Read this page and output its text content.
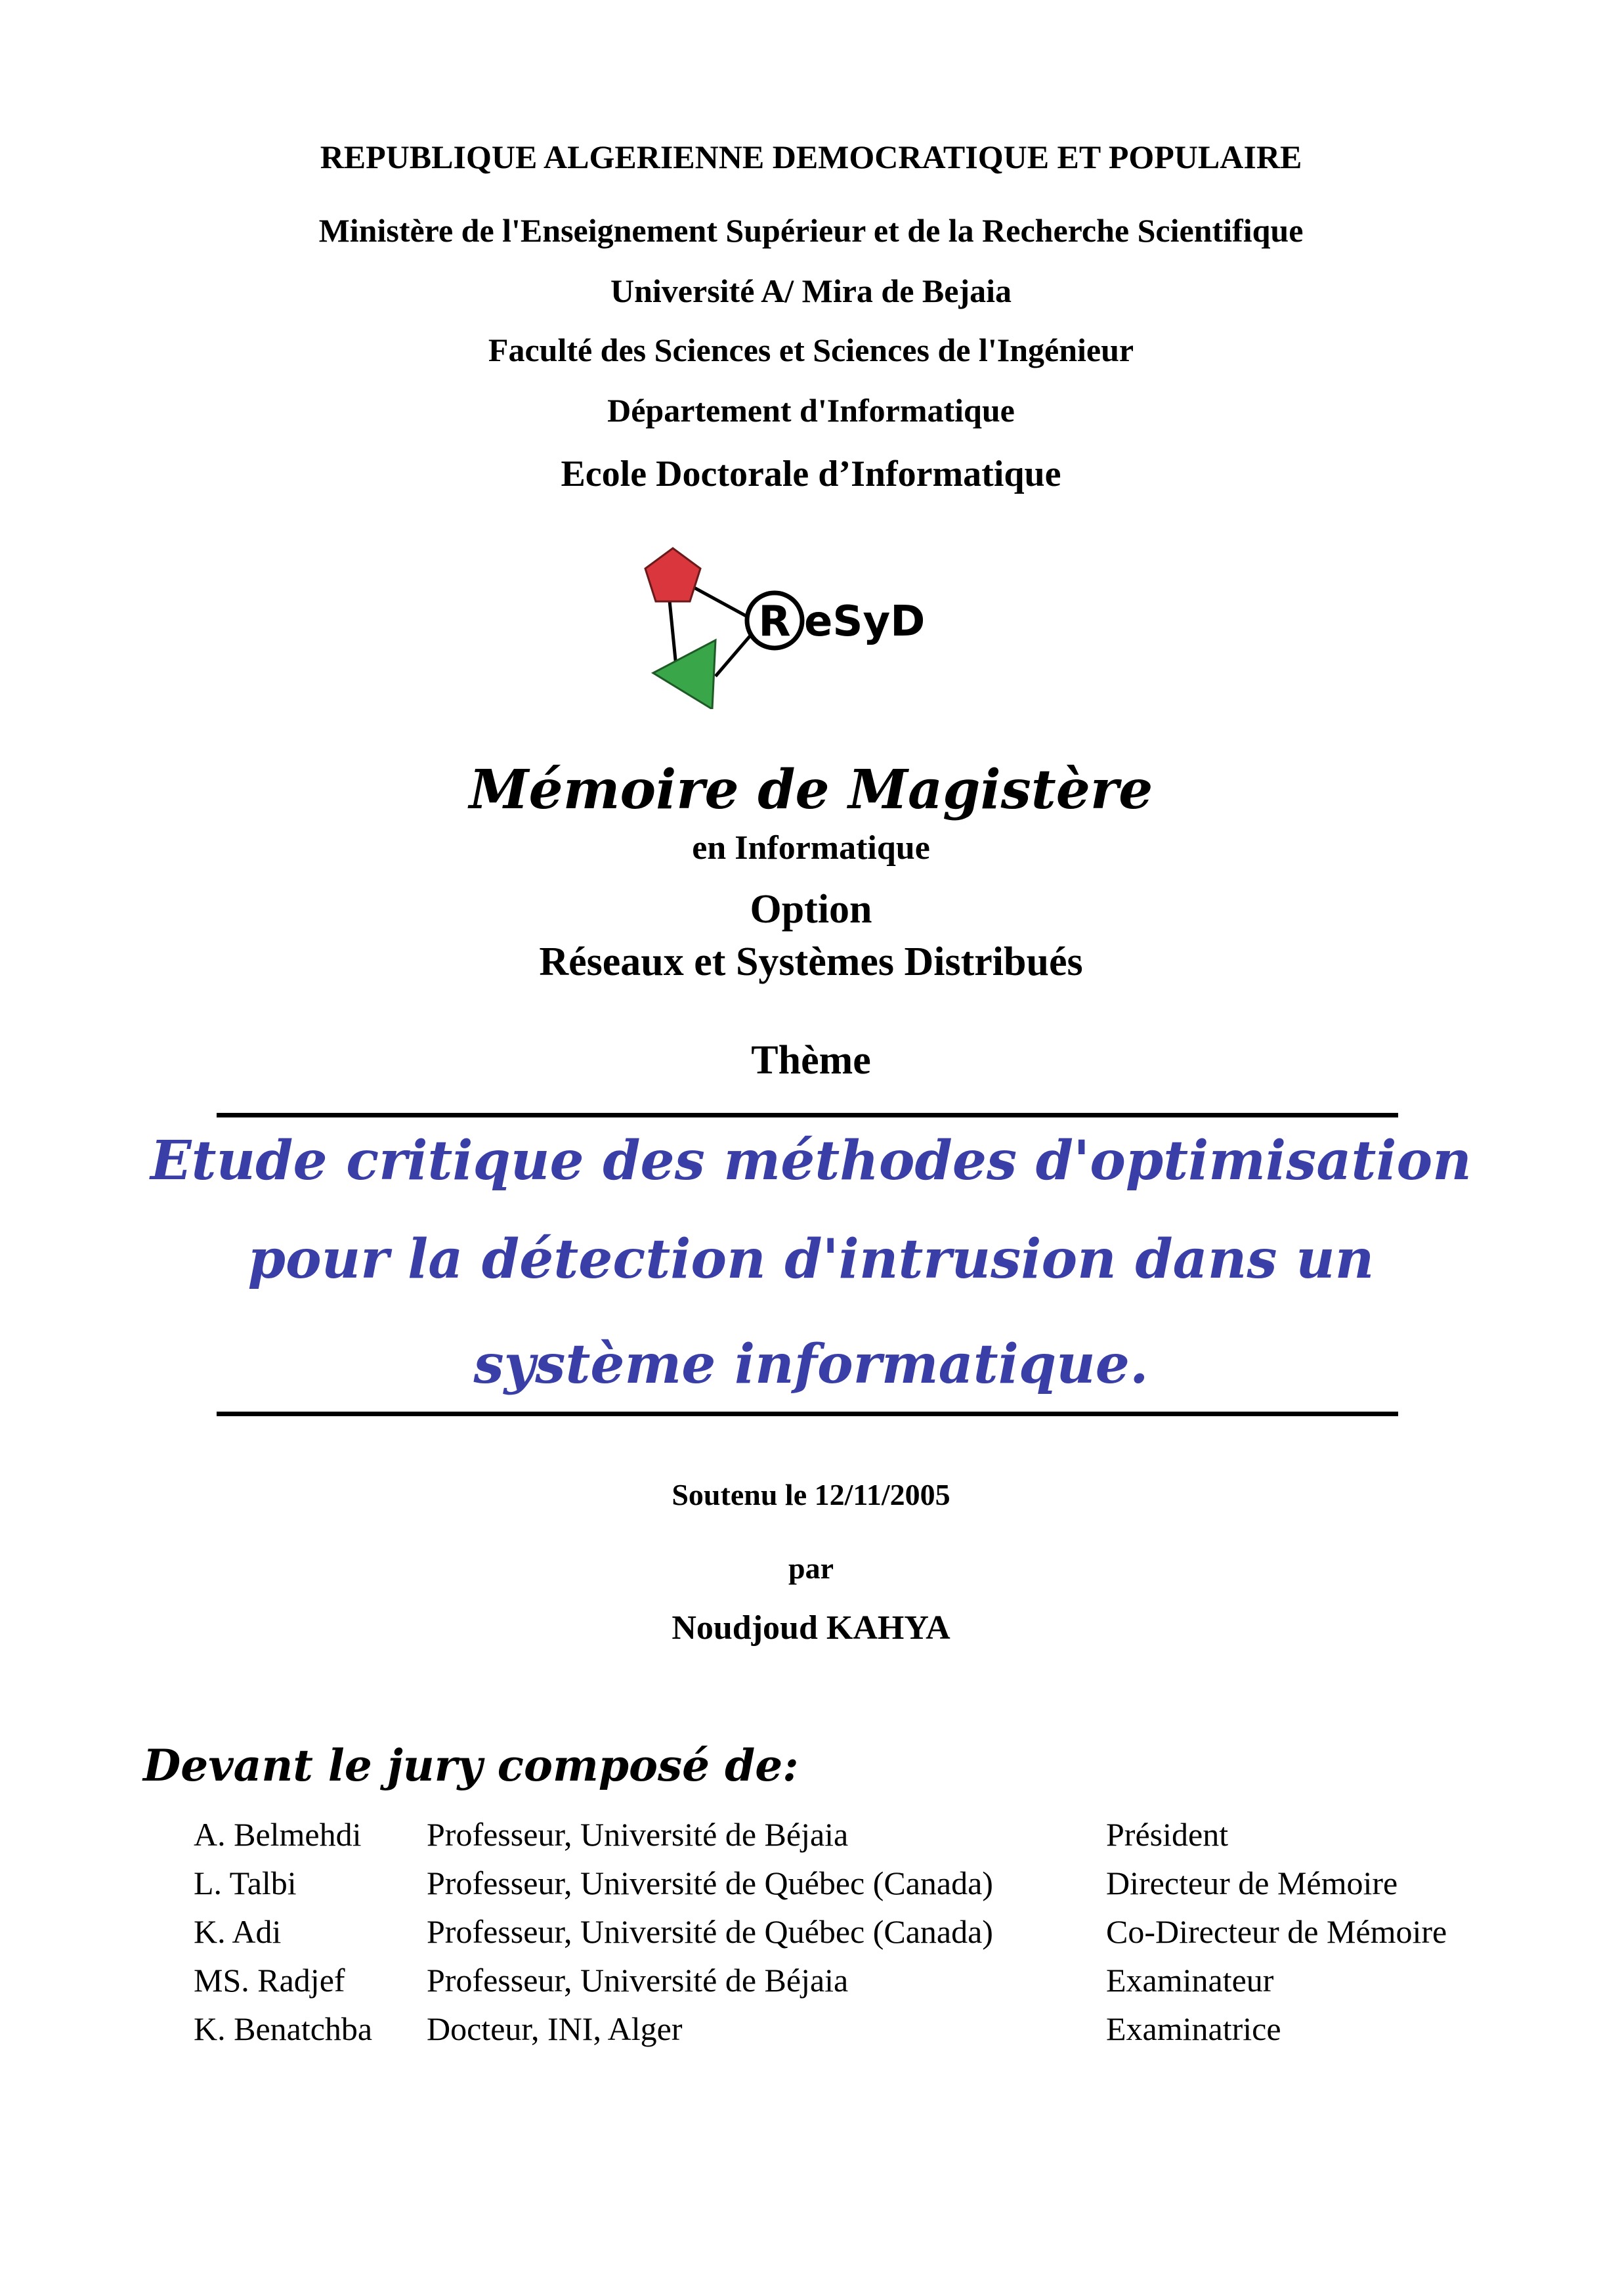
REPUBLIQUE ALGERIENNE DEMOCRATIQUE ET POPULAIRE
Ministère de l'Enseignement Supérieur et de la Recherche Scientifique
Université A/ Mira de Bejaia
Faculté des Sciences et Sciences de l'Ingénieur
Département d'Informatique
Ecole Doctorale d’Informatique
R eSyD
Mémoire de Magistère
en Informatique
Option
Réseaux et Systèmes Distribués
Thème
Etude critique des méthodes d'optimisation
pour la détection d'intrusion dans un
système informatique.
Soutenu le 12/11/2005
par
Noudjoud KAHYA
Devant le jury composé de:
A. Belmehdi Professeur, Université de Béjaia	Président
L. Talbi	Professeur, Université de Québec (Canada)	Directeur de Mémoire
K. Adi	Professeur, Université de Québec (Canada)	Co-Directeur de Mémoire
MS. Radjef Professeur, Université de Béjaia	Examinateur
K. Benatchba Docteur, INI, Alger	Examinatrice
